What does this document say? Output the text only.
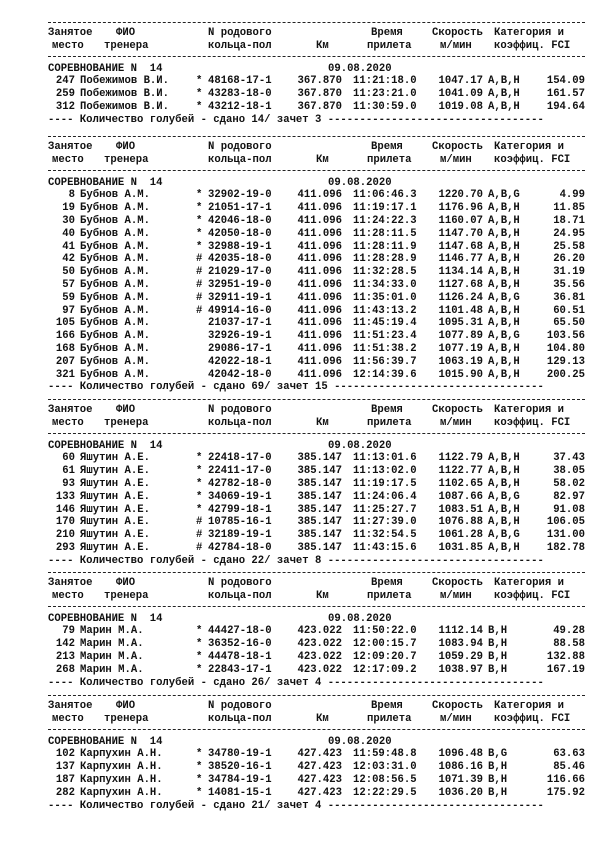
Занятое ФИО	N родового	Время	Скорость Категория и
место тренера	кольца-пол	Км	прилета	м/мин коэффиц. FCI
СОРЕВНОВАНИЕ N  14	09.08.2020
247 Побежимов В.И.	* 48168-17-1 367.870 11:21:18.0 1047.17 A,B,H	154.09
259 Побежимов В.И.	* 43283-18-0 367.870 11:23:21.0 1041.09 A,B,H	161.57
312 Побежимов В.И.	* 43212-18-1 367.870 11:30:59.0 1019.08 A,B,H	194.64
---- Количество голубей - сдано 14/ зачет 3 ----------------------------------
Занятое ФИО	N родового	Время	Скорость Категория и
место тренера	кольца-пол	Км	прилета	м/мин коэффиц. FCI
СОРЕВНОВАНИЕ N  14	09.08.2020
8 Бубнов А.М.	* 32902-19-0 411.096 11:06:46.3 1220.70 A,B,G	4.99
19 Бубнов А.М.	* 21051-17-1 411.096 11:19:17.1 1176.96 A,B,H	11.85
30 Бубнов А.М.	* 42046-18-0 411.096 11:24:22.3 1160.07 A,B,H	18.71
40 Бубнов А.М.	* 42050-18-0 411.096 11:28:11.5 1147.70 A,B,H	24.95
41 Бубнов А.М.	* 32988-19-1 411.096 11:28:11.9 1147.68 A,B,H	25.58
42 Бубнов А.М.	# 42035-18-0 411.096 11:28:28.9 1146.77 A,B,H	26.20
50 Бубнов А.М.	# 21029-17-0 411.096 11:32:28.5 1134.14 A,B,H	31.19
57 Бубнов А.М.	# 32951-19-0 411.096 11:34:33.0 1127.68 A,B,H	35.56
59 Бубнов А.М.	# 32911-19-1 411.096 11:35:01.0 1126.24 A,B,G	36.81
97 Бубнов А.М.	# 49914-16-0 411.096 11:43:13.2 1101.48 A,B,H	60.51
105 Бубнов А.М.	21037-17-1 411.096 11:45:19.4 1095.31 A,B,H	65.50
166 Бубнов А.М.	32926-19-1 411.096 11:51:23.4 1077.89 A,B,G	103.56
168 Бубнов А.М.	29086-17-1 411.096 11:51:38.2 1077.19 A,B,H	104.80
207 Бубнов А.М.	42022-18-1 411.096 11:56:39.7 1063.19 A,B,H	129.13
321 Бубнов А.М.	42042-18-0 411.096 12:14:39.6 1015.90 A,B,H	200.25
---- Количество голубей - сдано 69/ зачет 15 ---------------------------------
Занятое ФИО	N родового	Время	Скорость Категория и
место тренера	кольца-пол	Км	прилета	м/мин коэффиц. FCI
СОРЕВНОВАНИЕ N  14	09.08.2020
60 Яшутин А.Е.	* 22418-17-0 385.147 11:13:01.6 1122.79 A,B,H	37.43
61 Яшутин А.Е.	* 22411-17-0 385.147 11:13:02.0 1122.77 A,B,H	38.05
93 Яшутин А.Е.	* 42782-18-0 385.147 11:19:17.5 1102.65 A,B,H	58.02
133 Яшутин А.Е.	* 34069-19-1 385.147 11:24:06.4 1087.66 A,B,G	82.97
146 Яшутин А.Е.	* 42799-18-1 385.147 11:25:27.7 1083.51 A,B,H	91.08
170 Яшутин А.Е.	# 10785-16-1 385.147 11:27:39.0 1076.88 A,B,H	106.05
210 Яшутин А.Е.	# 32189-19-1 385.147 11:32:54.5 1061.28 A,B,G	131.00
293 Яшутин А.Е.	# 42784-18-0 385.147 11:43:15.6 1031.85 A,B,H	182.78
---- Количество голубей - сдано 22/ зачет 8 ----------------------------------
Занятое ФИО	N родового	Время	Скорость Категория и
место тренера	кольца-пол	Км	прилета	м/мин коэффиц. FCI
СОРЕВНОВАНИЕ N  14	09.08.2020
79 Марин М.А.	* 44427-18-0 423.022 11:50:22.0 1112.14 B,H	49.28
142 Марин М.А.	* 36352-16-0 423.022 12:00:15.7 1083.94 B,H	88.58
213 Марин М.А.	* 44478-18-1 423.022 12:09:20.7 1059.29 B,H	132.88
268 Марин М.А.	* 22843-17-1 423.022 12:17:09.2 1038.97 B,H	167.19
---- Количество голубей - сдано 26/ зачет 4 ----------------------------------
Занятое ФИО	N родового	Время	Скорость Категория и
место тренера	кольца-пол	Км	прилета	м/мин коэффиц. FCI
СОРЕВНОВАНИЕ N  14	09.08.2020
102 Карпухин А.Н.	* 34780-19-1 427.423 11:59:48.8 1096.48 B,G	63.63
137 Карпухин А.Н.	* 38520-16-1 427.423 12:03:31.0 1086.16 B,H	85.46
187 Карпухин А.Н.	* 34784-19-1 427.423 12:08:56.5 1071.39 B,H	116.66
282 Карпухин А.Н.	* 14081-15-1 427.423 12:22:29.5 1036.20 B,H	175.92
---- Количество голубей - сдано 21/ зачет 4 ----------------------------------
